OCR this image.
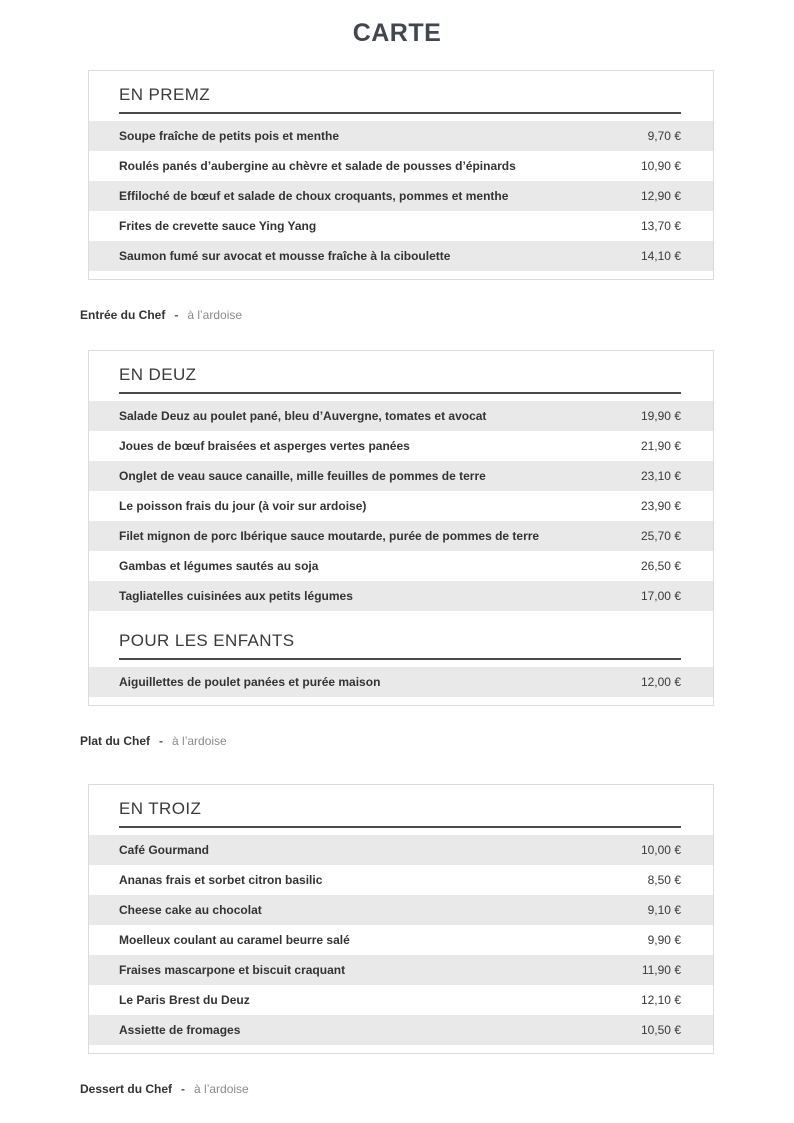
CARTE
EN PREMZ
Soupe fraîche de petits pois et menthe	9,70 €
Roulés panés d’aubergine au chèvre et salade de pousses d’épinards	10,90 €
Effiloché de bœuf et salade de choux croquants, pommes et menthe	12,90 €
Frites de crevette sauce Ying Yang	13,70 €
Saumon fumé sur avocat et mousse fraîche à la ciboulette	14,10 €

Entrée du Chef - à l’ardoise

EN DEUZ
Salade Deuz au poulet pané, bleu d’Auvergne, tomates et avocat	19,90 €
Joues de bœuf braisées et asperges vertes panées	21,90 €
Onglet de veau sauce canaille, mille feuilles de pommes de terre	23,10 €
Le poisson frais du jour (à voir sur ardoise)	23,90 €
Filet mignon de porc Ibérique sauce moutarde, purée de pommes de terre	25,70 €
Gambas et légumes sautés au soja	26,50 €
Tagliatelles cuisinées aux petits légumes	17,00 €
POUR LES ENFANTS
Aiguillettes de poulet panées et purée maison	12,00 €

Plat du Chef - à l’ardoise

EN TROIZ
Café Gourmand	10,00 €
Ananas frais et sorbet citron basilic	8,50 €
Cheese cake au chocolat	9,10 €
Moelleux coulant au caramel beurre salé	9,90 €
Fraises mascarpone et biscuit craquant	11,90 €
Le Paris Brest du Deuz	12,10 €
Assiette de fromages	10,50 €

Dessert du Chef - à l’ardoise
